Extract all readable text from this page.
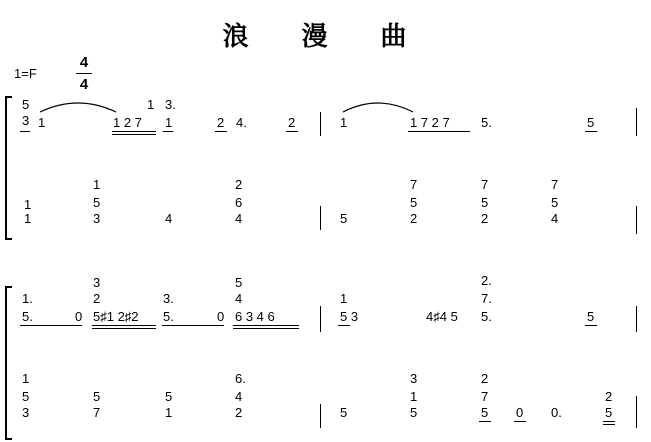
浪 漫 曲
1=F
4
4
5
3 1	1 2 7
1 3.
1	2 4.	2	1	1 7 2 7 5.	5
1
1
1
5
3	4
2
6
4	5
7
5
2
7
5
2
7
5
4
3
1.
5.	0
2
5♯1 2♯2
3.
5.	0
5
4
6 3 4 6
1
5 3	4♯4 5
2.
7.
5.	5
1
5
3
5
7
5
1
6.
4
2	5
3
1
5
2
7
5 0 0.
2
5
